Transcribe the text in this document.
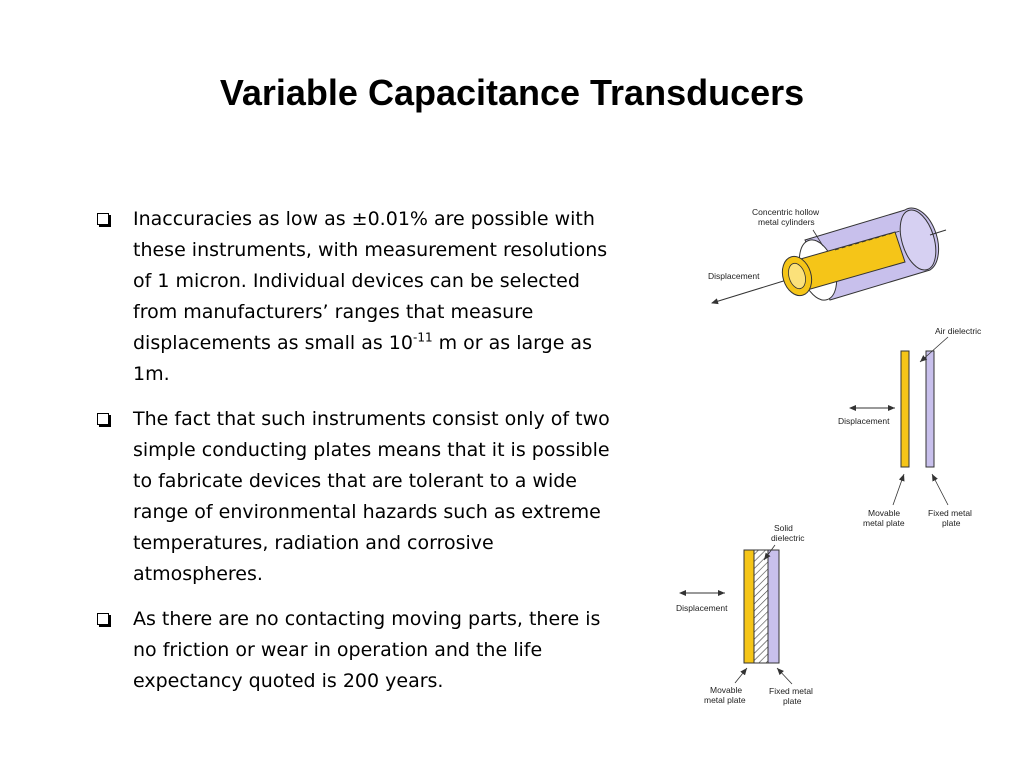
Variable Capacitance Transducers
Inaccuracies as low as ±0.01% are possible with these instruments, with measurement resolutions of 1 micron. Individual devices can be selected from manufacturers’ ranges that measure displacements as small as $10^{-11}$ m or as large as 1m.
The fact that such instruments consist only of two simple conducting plates means that it is possible to fabricate devices that are tolerant to a wide range of environmental hazards such as extreme temperatures, radiation and corrosive atmospheres.
As there are no contacting moving parts, there is no friction or wear in operation and the life expectancy quoted is 200 years.
Concentric hollow
metal cylinders
Displacement
Air dielectric
Displacement
Movable
metal plate
Fixed metal
plate
Solid
dielectric
Displacement
Movable
metal plate
Fixed metal
plate
